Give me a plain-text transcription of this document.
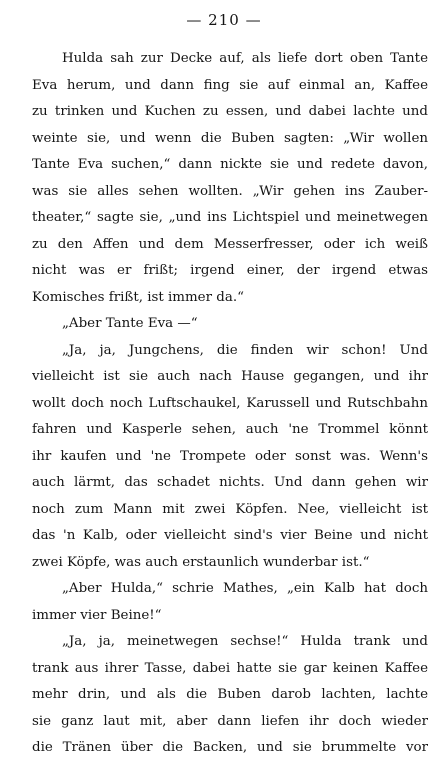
— 210 —
Hulda sah zur Decke auf, als liefe dort oben Tante
Eva herum, und dann fing sie auf einmal an, Kaffee
zu trinken und Kuchen zu essen, und dabei lachte und
weinte sie, und wenn die Buben sagten: „Wir wollen
Tante Eva suchen,“ dann nickte sie und redete davon,
was sie alles sehen wollten. „Wir gehen ins Zauber-
theater,“ sagte sie, „und ins Lichtspiel und meinetwegen
zu den Affen und dem Messerfresser, oder ich weiß
nicht was er frißt; irgend einer, der irgend etwas
Komisches frißt, ist immer da.“
„Aber Tante Eva —“
„Ja, ja, Jungchens, die finden wir schon! Und
vielleicht ist sie auch nach Hause gegangen, und ihr
wollt doch noch Luftschaukel, Karussell und Rutschbahn
fahren und Kasperle sehen, auch 'ne Trommel könnt
ihr kaufen und 'ne Trompete oder sonst was. Wenn's
auch lärmt, das schadet nichts. Und dann gehen wir
noch zum Mann mit zwei Köpfen. Nee, vielleicht ist
das 'n Kalb, oder vielleicht sind's vier Beine und nicht
zwei Köpfe, was auch erstaunlich wunderbar ist.“
„Aber Hulda,“ schrie Mathes, „ein Kalb hat doch
immer vier Beine!“
„Ja, ja, meinetwegen sechse!“ Hulda trank und
trank aus ihrer Tasse, dabei hatte sie gar keinen Kaffee
mehr drin, und als die Buben darob lachten, lachte
sie ganz laut mit, aber dann liefen ihr doch wieder
die Tränen über die Backen, und sie brummelte vor
